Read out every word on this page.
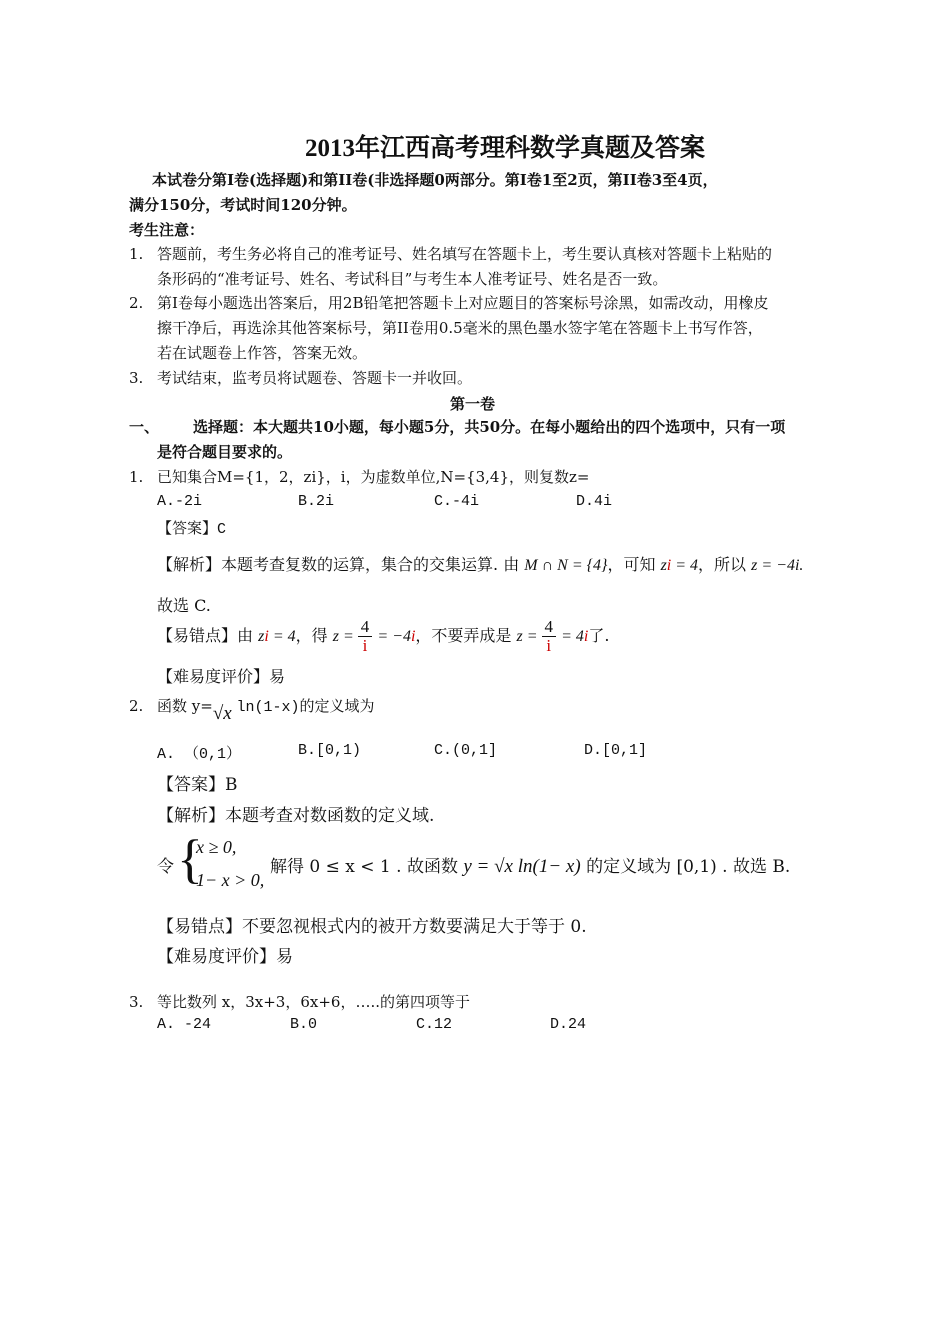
2013年江西高考理科数学真题及答案
本试卷分第Ⅰ卷(选择题)和第II卷(非选择题0两部分。第Ⅰ卷1至2页，第II卷3至4页，
满分150分，考试时间120分钟。
考生注意：
1. 答题前，考生务必将自己的准考证号、姓名填写在答题卡上，考生要认真核对答题卡上粘贴的
条形码的“准考证号、姓名、考试科目”与考生本人准考证号、姓名是否一致。
2. 第Ⅰ卷每小题选出答案后，用2B铅笔把答题卡上对应题目的答案标号涂黑，如需改动，用橡皮
擦干净后，再选涂其他答案标号，第II卷用0.5毫米的黑色墨水签字笔在答题卡上书写作答，
若在试题卷上作答，答案无效。
3. 考试结束，监考员将试题卷、答题卡一并收回。
第一卷
一、 选择题：本大题共10小题，每小题5分，共50分。在每小题给出的四个选项中，只有一项
是符合题目要求的。
1. 已知集合M={1，2，zi}，i，为虚数单位,N={3,4}，则复数z=
A.-2i	B.2i	C.-4i	D.4i
【答案】C
【解析】本题考查复数的运算，集合的交集运算. 由 M ∩ N = {4}，可知 zi = 4，所以 z = −4i.
故选 C.
【易错点】由 zi = 4，得 $z = \frac{4}{i} = -4i$，不要弄成是 $z = \frac{4}{i} = 4i$了.
【难易度评价】易
2. 函数 y=√x ln(1-x)的定义域为
A. （0,1）	B.[0,1)	C.(0,1]	D.[0,1]
【答案】B
【解析】本题考查对数函数的定义域.
令 {
x ≥ 0,
1− x > 0,
解得 0 ≤ x < 1 . 故函数 y = √x ln(1− x) 的定义域为 [0,1) . 故选 B.
【易错点】不要忽视根式内的被开方数要满足大于等于 0.
【难易度评价】易
3. 等比数列 x，3x+3，6x+6，…..的第四项等于
A. -24	B.0	C.12	D.24
